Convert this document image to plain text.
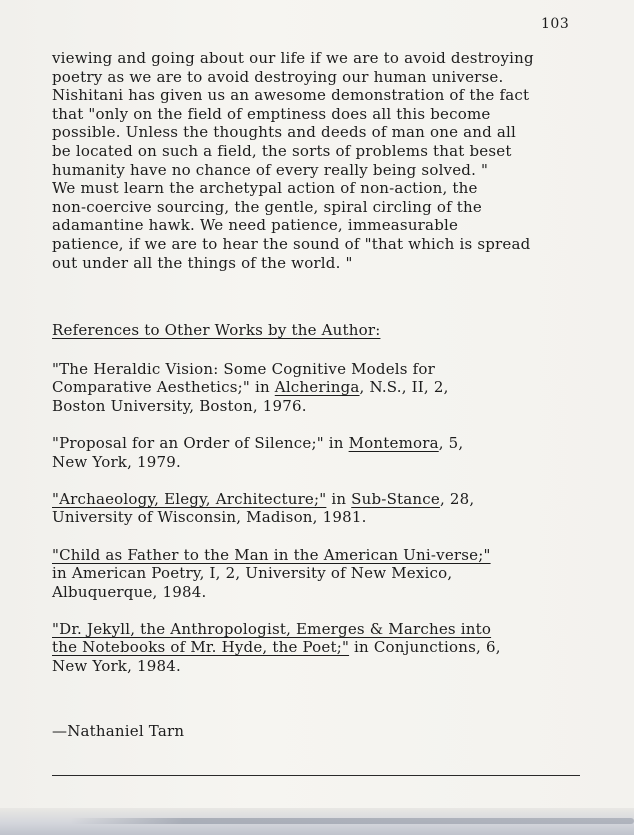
103
viewing and going about our life if we are to avoid destroying
poetry as we are to avoid destroying our human universe.
Nishitani has given us an awesome demonstration of the fact
that "only on the field of emptiness does all this become
possible. Unless the thoughts and deeds of man one and all
be located on such a field, the sorts of problems that beset
humanity have no chance of every really being solved. "
We must learn the archetypal action of non-action, the
non-coercive sourcing, the gentle, spiral circling of the
adamantine hawk. We need patience, immeasurable
patience, if we are to hear the sound of "that which is spread
out under all the things of the world. "
References to Other Works by the Author:
"The Heraldic Vision: Some Cognitive Models for
Comparative Aesthetics;" in Alcheringa, N.S., II, 2,
Boston University, Boston, 1976.
"Proposal for an Order of Silence;" in Montemora, 5,
New York, 1979.
"Archaeology, Elegy, Architecture;" in Sub-Stance, 28,
University of Wisconsin, Madison, 1981.
"Child as Father to the Man in the American Uni-verse;"
in American Poetry, I, 2, University of New Mexico,
Albuquerque, 1984.
"Dr. Jekyll, the Anthropologist, Emerges & Marches into
the Notebooks of Mr. Hyde, the Poet;" in Conjunctions, 6,
New York, 1984.
—Nathaniel Tarn
